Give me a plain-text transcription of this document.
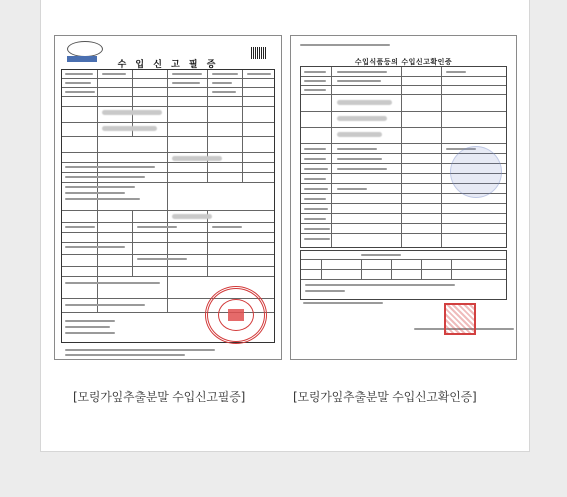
수 입 신 고 필 증	수입식품등의 수입신고확인증
[모링가잎추출분말 수입신고필증]	[모링가잎추출분말 수입신고확인증]
